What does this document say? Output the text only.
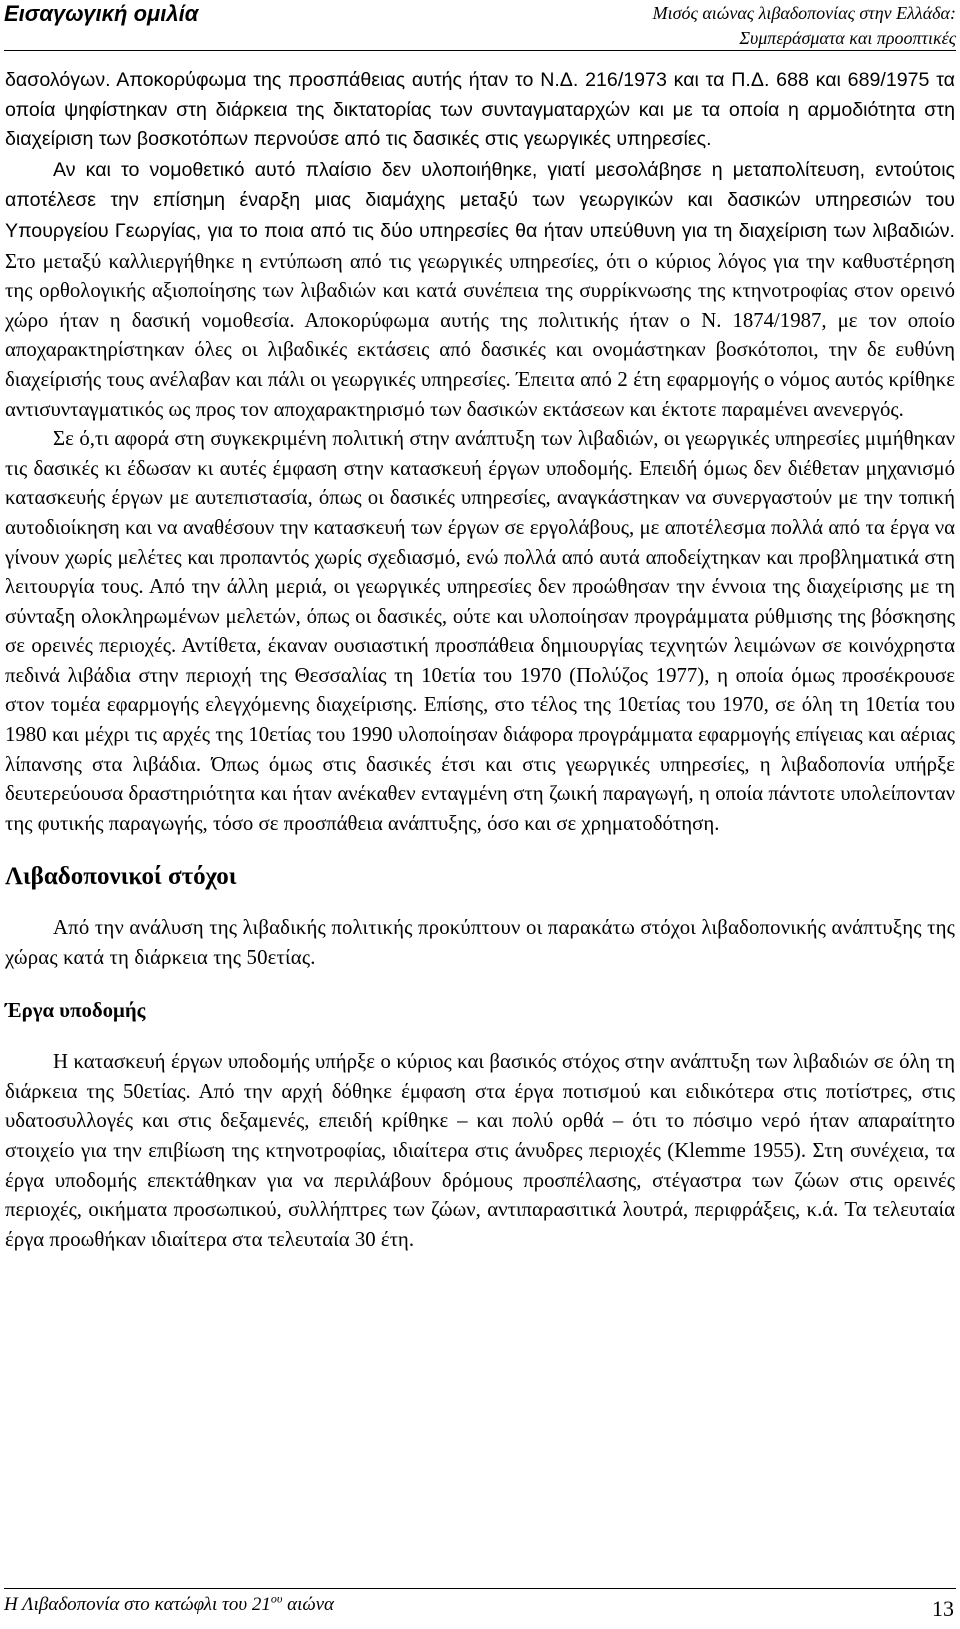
Εισαγωγική ομιλία	Μισός αιώνας λιβαδοπονίας στην Ελλάδα:
Συμπεράσματα και προοπτικές

δασολόγων. Αποκορύφωμα της προσπάθειας αυτής ήταν το Ν.Δ. 216/1973 και τα Π.Δ. 688 και 689/1975 τα οποία ψηφίστηκαν στη διάρκεια της δικτατορίας των συνταγματαρχών και με τα οποία η αρμοδιότητα στη διαχείριση των βοσκοτόπων περνούσε από τις δασικές στις γεωργικές υπηρεσίες.

Αν και το νομοθετικό αυτό πλαίσιο δεν υλοποιήθηκε, γιατί μεσολάβησε η μεταπολίτευση, εντούτοις αποτέλεσε την επίσημη έναρξη μιας διαμάχης μεταξύ των γεωργικών και δασικών υπηρεσιών του Υπουργείου Γεωργίας, για το ποια από τις δύο υπηρεσίες θα ήταν υπεύθυνη για τη διαχείριση των λιβαδιών. Στο μεταξύ καλλιεργήθηκε η εντύπωση από τις γεωργικές υπηρεσίες, ότι ο κύριος λόγος για την καθυστέρηση της ορθολογικής αξιοποίησης των λιβαδιών και κατά συνέπεια της συρρίκνωσης της κτηνοτροφίας στον ορεινό χώρο ήταν η δασική νομοθεσία. Αποκορύφωμα αυτής της πολιτικής ήταν ο Ν. 1874/1987, με τον οποίο αποχαρακτηρίστηκαν όλες οι λιβαδικές εκτάσεις από δασικές και ονομάστηκαν βοσκότοποι, την δε ευθύνη διαχείρισής τους ανέλαβαν και πάλι οι γεωργικές υπηρεσίες. Έπειτα από 2 έτη εφαρμογής ο νόμος αυτός κρίθηκε αντισυνταγματικός ως προς τον αποχαρακτηρισμό των δασικών εκτάσεων και έκτοτε παραμένει ανενεργός.

Σε ό,τι αφορά στη συγκεκριμένη πολιτική στην ανάπτυξη των λιβαδιών, οι γεωργικές υπηρεσίες μιμήθηκαν τις δασικές κι έδωσαν κι αυτές έμφαση στην κατασκευή έργων υποδομής. Επειδή όμως δεν διέθεταν μηχανισμό κατασκευής έργων με αυτεπιστασία, όπως οι δασικές υπηρεσίες, αναγκάστηκαν να συνεργαστούν με την τοπική αυτοδιοίκηση και να αναθέσουν την κατασκευή των έργων σε εργολάβους, με αποτέλεσμα πολλά από τα έργα να γίνουν χωρίς μελέτες και προπαντός χωρίς σχεδιασμό, ενώ πολλά από αυτά αποδείχτηκαν και προβληματικά στη λειτουργία τους. Από την άλλη μεριά, οι γεωργικές υπηρεσίες δεν προώθησαν την έννοια της διαχείρισης με τη σύνταξη ολοκληρωμένων μελετών, όπως οι δασικές, ούτε και υλοποίησαν προγράμματα ρύθμισης της βόσκησης σε ορεινές περιοχές. Αντίθετα, έκαναν ουσιαστική προσπάθεια δημιουργίας τεχνητών λειμώνων σε κοινόχρηστα πεδινά λιβάδια στην περιοχή της Θεσσαλίας τη 10ετία του 1970 (Πολύζος 1977), η οποία όμως προσέκρουσε στον τομέα εφαρμογής ελεγχόμενης διαχείρισης. Επίσης, στο τέλος της 10ετίας του 1970, σε όλη τη 10ετία του 1980 και μέχρι τις αρχές της 10ετίας του 1990 υλοποίησαν διάφορα προγράμματα εφαρμογής επίγειας και αέριας λίπανσης στα λιβάδια. Όπως όμως στις δασικές έτσι και στις γεωργικές υπηρεσίες, η λιβαδοπονία υπήρξε δευτερεύουσα δραστηριότητα και ήταν ανέκαθεν ενταγμένη στη ζωική παραγωγή, η οποία πάντοτε υπολείπονταν της φυτικής παραγωγής, τόσο σε προσπάθεια ανάπτυξης, όσο και σε χρηματοδότηση.

Λιβαδοπονικοί στόχοι

Από την ανάλυση της λιβαδικής πολιτικής προκύπτουν οι παρακάτω στόχοι λιβαδοπονικής ανάπτυξης της χώρας κατά τη διάρκεια της 50ετίας.

Έργα υποδομής

Η κατασκευή έργων υποδομής υπήρξε ο κύριος και βασικός στόχος στην ανάπτυξη των λιβαδιών σε όλη τη διάρκεια της 50ετίας. Από την αρχή δόθηκε έμφαση στα έργα ποτισμού και ειδικότερα στις ποτίστρες, στις υδατοσυλλογές και στις δεξαμενές, επειδή κρίθηκε – και πολύ ορθά – ότι το πόσιμο νερό ήταν απαραίτητο στοιχείο για την επιβίωση της κτηνοτροφίας, ιδιαίτερα στις άνυδρες περιοχές (Klemme 1955). Στη συνέχεια, τα έργα υποδομής επεκτάθηκαν για να περιλάβουν δρόμους προσπέλασης, στέγαστρα των ζώων στις ορεινές περιοχές, οικήματα προσωπικού, συλλήπτρες των ζώων, αντιπαρασιτικά λουτρά, περιφράξεις, κ.ά. Τα τελευταία έργα προωθήκαν ιδιαίτερα στα τελευταία 30 έτη.

Η Λιβαδοπονία στο κατώφλι του $21^{o\upsilon}$ αιώνα	13
